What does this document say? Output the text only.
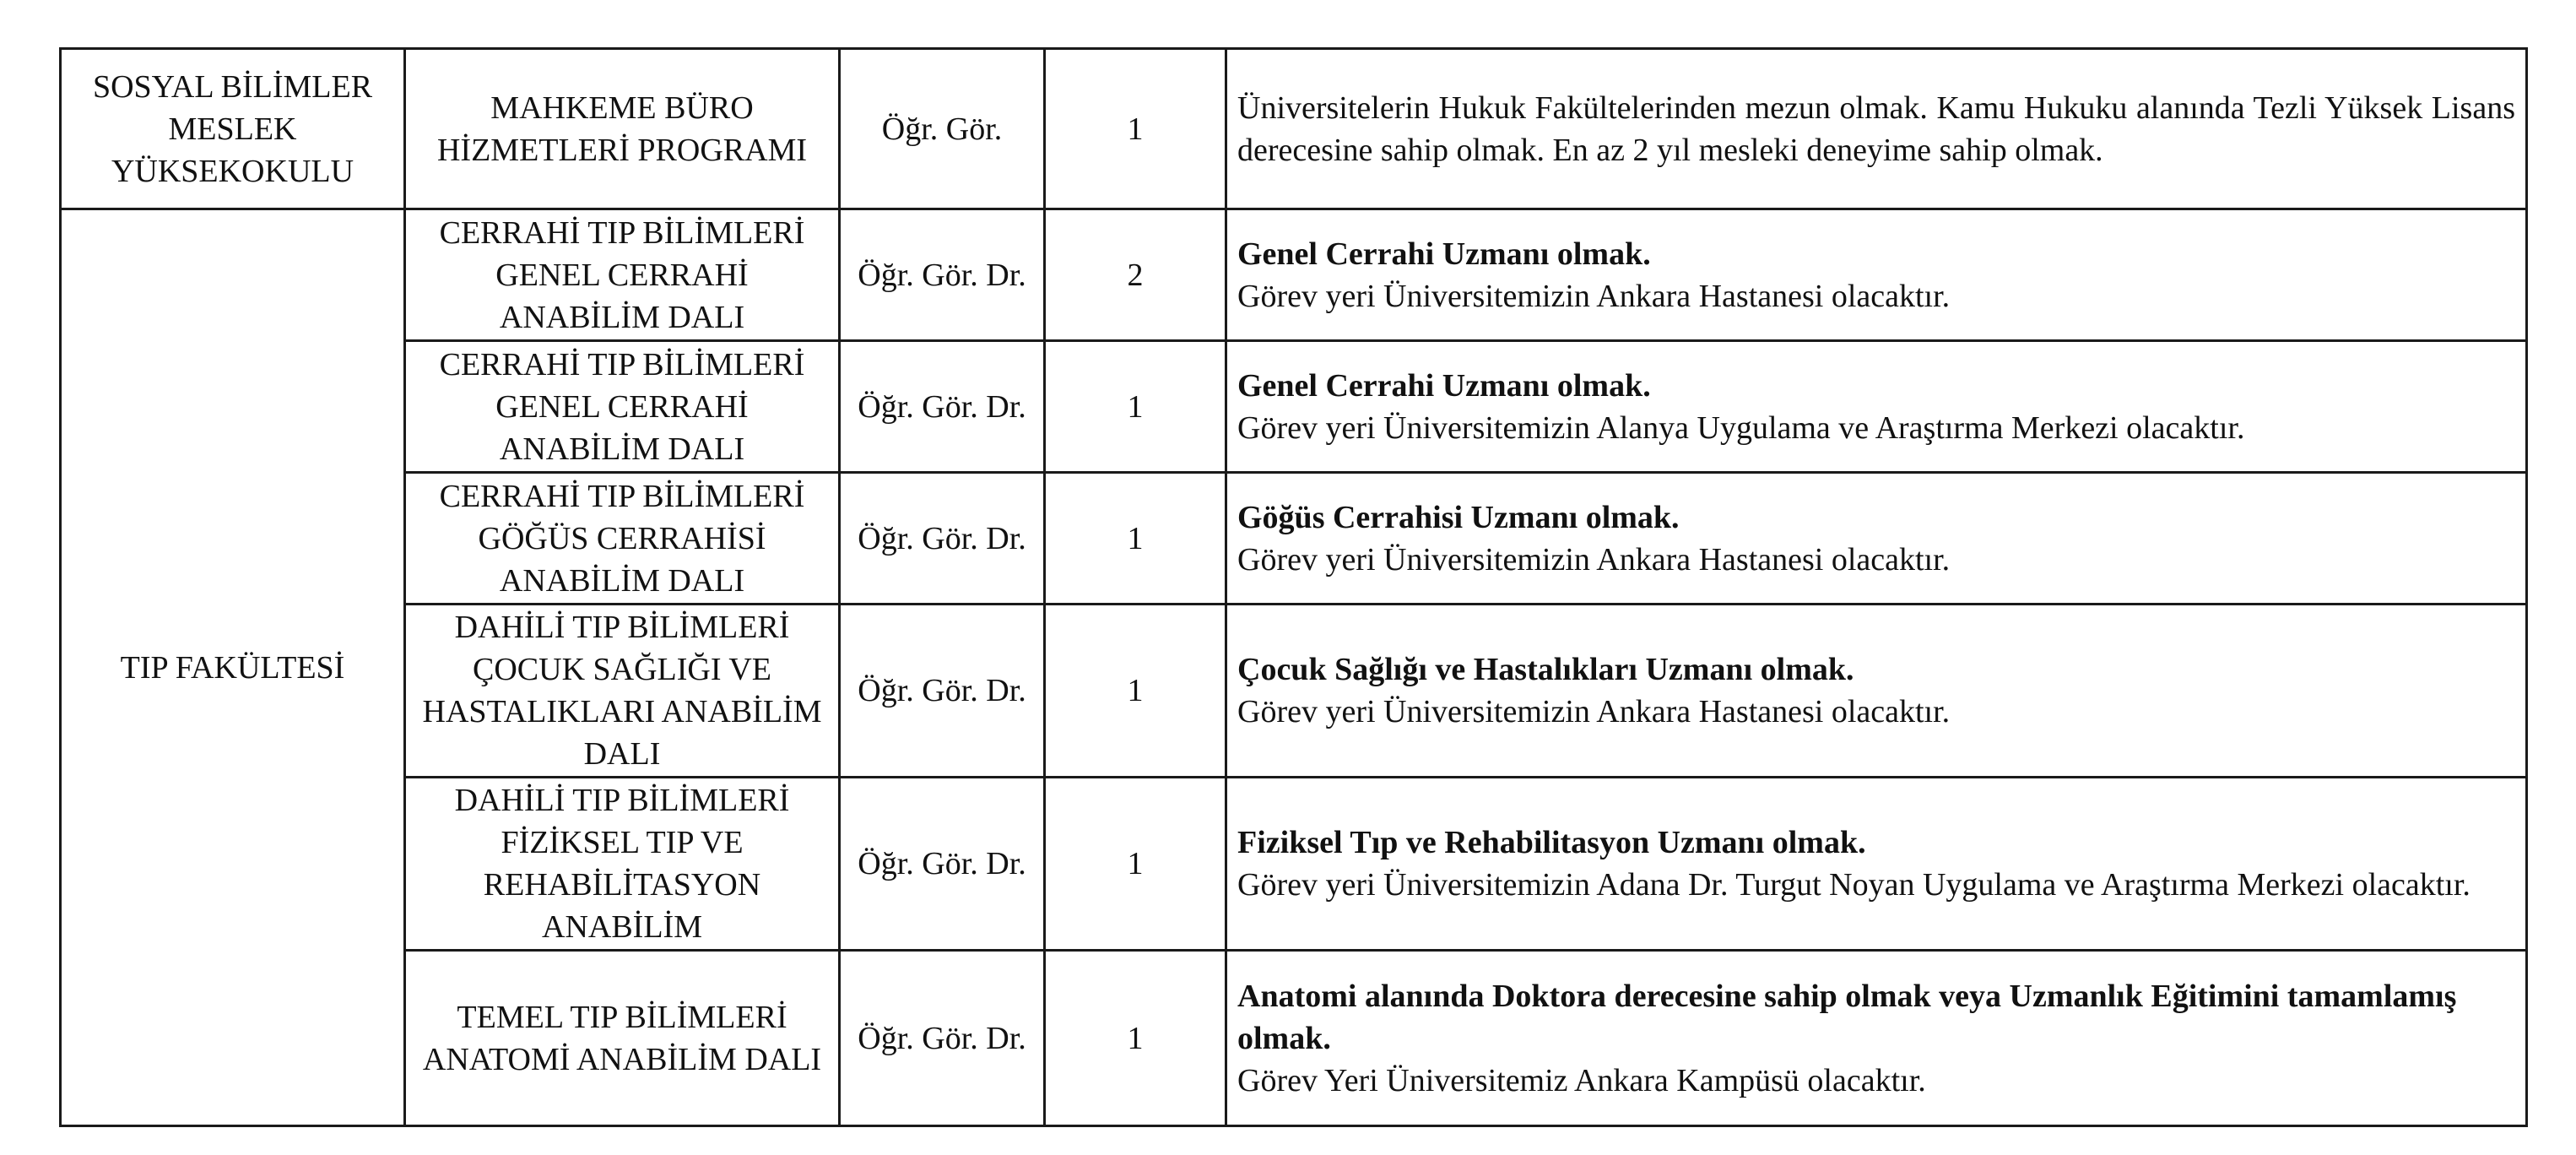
SOSYAL BİLİMLER MESLEK YÜKSEKOKULU	MAHKEME BÜRO HİZMETLERİ PROGRAMI	Öğr. Gör.	1	Üniversitelerin Hukuk Fakültelerinden mezun olmak. Kamu Hukuku alanında Tezli Yüksek Lisans derecesine sahip olmak. En az 2 yıl mesleki deneyime sahip olmak.

TIP FAKÜLTESİ	CERRAHİ TIP BİLİMLERİ GENEL CERRAHİ ANABİLİM DALI	Öğr. Gör. Dr.	2	Genel Cerrahi Uzmanı olmak.
Görev yeri Üniversitemizin Ankara Hastanesi olacaktır.

	CERRAHİ TIP BİLİMLERİ GENEL CERRAHİ ANABİLİM DALI	Öğr. Gör. Dr.	1	Genel Cerrahi Uzmanı olmak.
Görev yeri Üniversitemizin Alanya Uygulama ve Araştırma Merkezi olacaktır.

	CERRAHİ TIP BİLİMLERİ GÖĞÜS CERRAHİSİ ANABİLİM DALI	Öğr. Gör. Dr.	1	Göğüs Cerrahisi Uzmanı olmak.
Görev yeri Üniversitemizin Ankara Hastanesi olacaktır.

	DAHİLİ TIP BİLİMLERİ ÇOCUK SAĞLIĞI VE HASTALIKLARI ANABİLİM DALI	Öğr. Gör. Dr.	1	Çocuk Sağlığı ve Hastalıkları Uzmanı olmak.
Görev yeri Üniversitemizin Ankara Hastanesi olacaktır.

	DAHİLİ TIP BİLİMLERİ FİZİKSEL TIP VE REHABİLİTASYON ANABİLİM	Öğr. Gör. Dr.	1	Fiziksel Tıp ve Rehabilitasyon Uzmanı olmak.
Görev yeri Üniversitemizin Adana Dr. Turgut Noyan Uygulama ve Araştırma Merkezi olacaktır.

	TEMEL TIP BİLİMLERİ ANATOMİ ANABİLİM DALI	Öğr. Gör. Dr.	1	Anatomi alanında Doktora derecesine sahip olmak veya Uzmanlık Eğitimini tamamlamış olmak.
Görev Yeri Üniversitemiz Ankara Kampüsü olacaktır.
